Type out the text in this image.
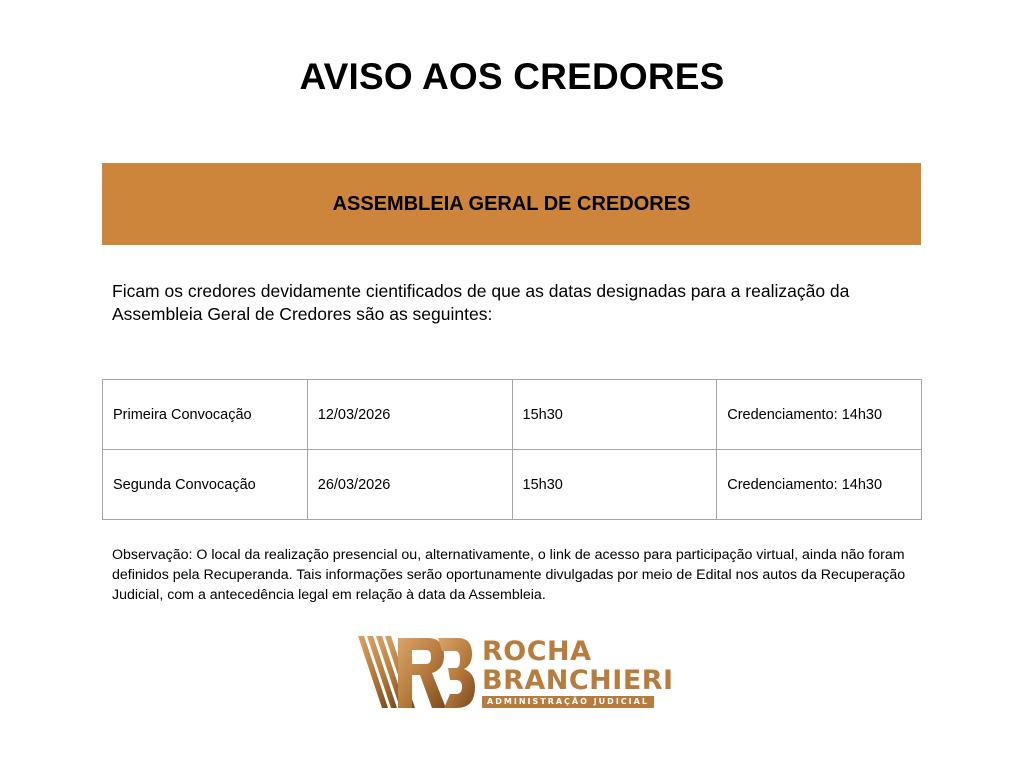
AVISO AOS CREDORES
ASSEMBLEIA GERAL DE CREDORES

Ficam os credores devidamente cientificados de que as datas designadas para a realização da Assembleia Geral de Credores são as seguintes:

Primeira Convocação	12/03/2026	15h30	Credenciamento: 14h30
Segunda Convocação	26/03/2026	15h30	Credenciamento: 14h30

Observação: O local da realização presencial ou, alternativamente, o link de acesso para participação virtual, ainda não foram definidos pela Recuperanda. Tais informações serão oportunamente divulgadas por meio de Edital nos autos da Recuperação Judicial, com a antecedência legal em relação à data da Assembleia.

ROCHA
BRANCHIERI
ADMINISTRAÇÃO JUDICIAL
